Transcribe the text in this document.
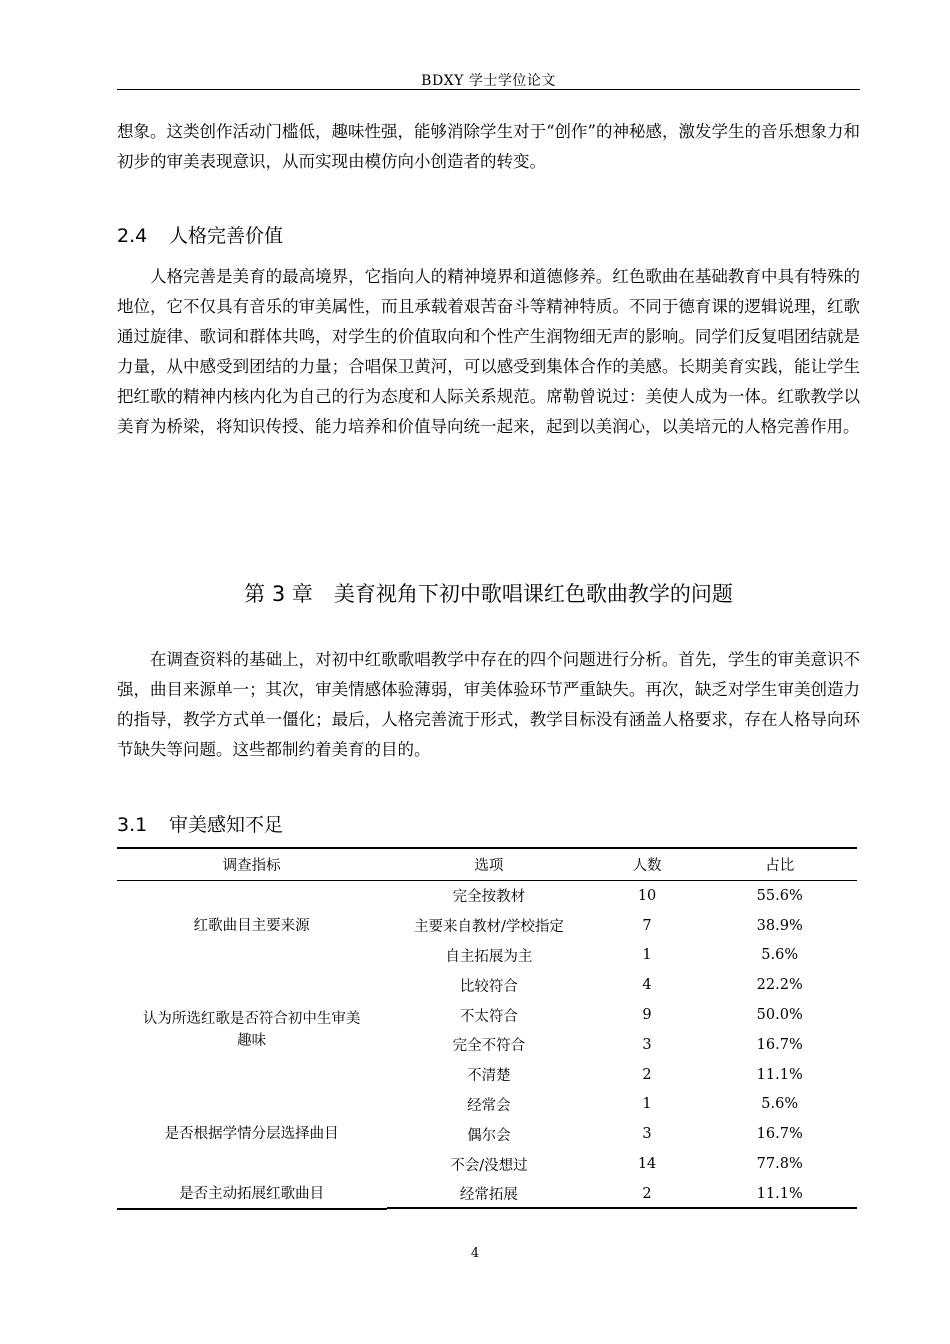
BDXY 学士学位论文
想象。这类创作活动门槛低，趣味性强，能够消除学生对于“创作”的神秘感，激发学生的音乐想象力和初步的审美表现意识，从而实现由模仿向小创造者的转变。
2.4 人格完善价值
人格完善是美育的最高境界，它指向人的精神境界和道德修养。红色歌曲在基础教育中具有特殊的地位，它不仅具有音乐的审美属性，而且承载着艰苦奋斗等精神特质。不同于德育课的逻辑说理，红歌通过旋律、歌词和群体共鸣，对学生的价值取向和个性产生润物细无声的影响。同学们反复唱团结就是力量，从中感受到团结的力量；合唱保卫黄河，可以感受到集体合作的美感。长期美育实践，能让学生把红歌的精神内核内化为自己的行为态度和人际关系规范。席勒曾说过：美使人成为一体。红歌教学以美育为桥梁，将知识传授、能力培养和价值导向统一起来，起到以美润心，以美培元的人格完善作用。
第 3 章　美育视角下初中歌唱课红色歌曲教学的问题
在调查资料的基础上，对初中红歌歌唱教学中存在的四个问题进行分析。首先，学生的审美意识不强，曲目来源单一；其次，审美情感体验薄弱，审美体验环节严重缺失。再次，缺乏对学生审美创造力的指导，教学方式单一僵化；最后，人格完善流于形式，教学目标没有涵盖人格要求，存在人格导向环节缺失等问题。这些都制约着美育的目的。
3.1 审美感知不足
调查指标	选项	人数	占比
红歌曲目主要来源	完全按教材	10	55.6%
	主要来自教材/学校指定	7	38.9%
	自主拓展为主	1	5.6%
认为所选红歌是否符合初中生审美趣味	比较符合	4	22.2%
	不太符合	9	50.0%
	完全不符合	3	16.7%
	不清楚	2	11.1%
是否根据学情分层选择曲目	经常会	1	5.6%
	偶尔会	3	16.7%
	不会/没想过	14	77.8%
是否主动拓展红歌曲目	经常拓展	2	11.1%
4
